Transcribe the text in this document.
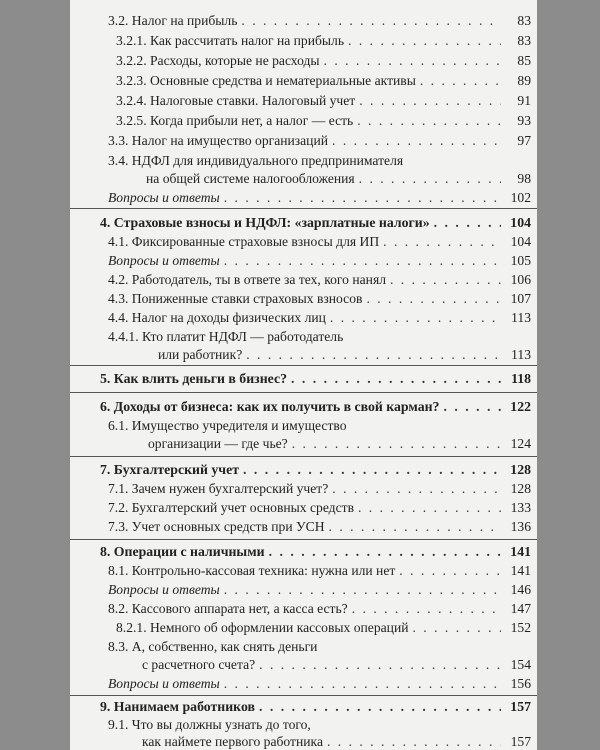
3.2. Налог на прибыль . . .	83
3.2.1. Как рассчитать налог на прибыль . . .	83
3.2.2. Расходы, которые не расходы . . .	85
3.2.3. Основные средства и нематериальные активы . . .	89
3.2.4. Налоговые ставки. Налоговый учет . . .	91
3.2.5. Когда прибыли нет, а налог — есть . . .	93
3.3. Налог на имущество организаций . . .	97
3.4. НДФЛ для индивидуального предпринимателя
на общей системе налогообложения . . .	98
Вопросы и ответы . . .	102
4. Страховые взносы и НДФЛ: «зарплатные налоги» . . .	104
4.1. Фиксированные страховые взносы для ИП . . .	104
Вопросы и ответы . . .	105
4.2. Работодатель, ты в ответе за тех, кого нанял . . .	106
4.3. Пониженные ставки страховых взносов . . .	107
4.4. Налог на доходы физических лиц . . .	113
4.4.1. Кто платит НДФЛ — работодатель
или работник? . . .	113
5. Как влить деньги в бизнес? . . .	118
6. Доходы от бизнеса: как их получить в свой карман? . . .	122
6.1. Имущество учредителя и имущество
организации — где чье? . . .	124
7. Бухгалтерский учет . . .	128
7.1. Зачем нужен бухгалтерский учет? . . .	128
7.2. Бухгалтерский учет основных средств . . .	133
7.3. Учет основных средств при УСН . . .	136
8. Операции с наличными . . .	141
8.1. Контрольно-кассовая техника: нужна или нет . . .	141
Вопросы и ответы . . .	146
8.2. Кассового аппарата нет, а касса есть? . . .	147
8.2.1. Немного об оформлении кассовых операций . . .	152
8.3. А, собственно, как снять деньги
с расчетного счета? . . .	154
Вопросы и ответы . . .	156
9. Нанимаем работников . . .	157
9.1. Что вы должны узнать до того,
как наймете первого работника . . .	157
